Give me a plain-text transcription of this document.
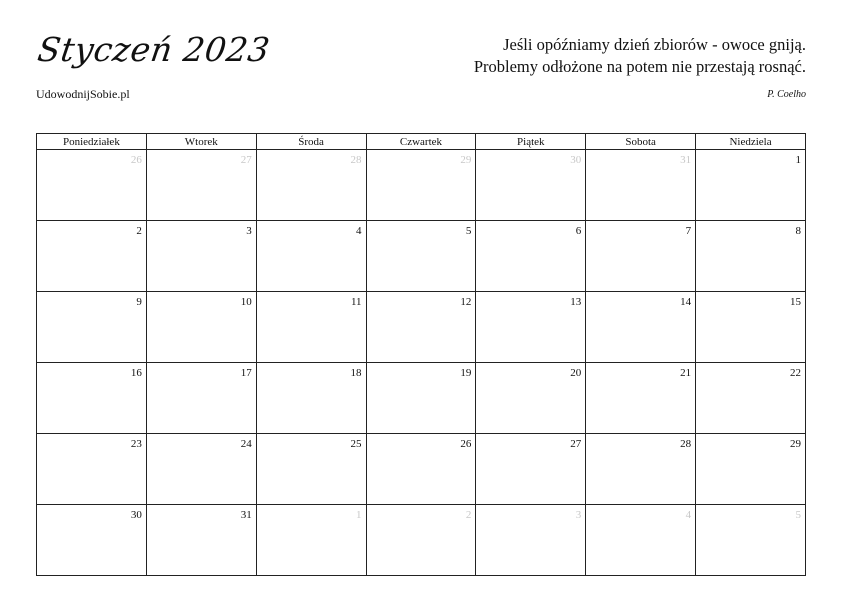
Styczeń 2023
UdowodnijSobie.pl
Jeśli opóźniamy dzień zbiorów - owoce gniją.
Problemy odłożone na potem nie przestają rosnąć.
P. Coelho
Poniedziałek	Wtorek	Środa	Czwartek	Piątek	Sobota	Niedziela
26	27	28	29	30	31	1
2	3	4	5	6	7	8
9	10	11	12	13	14	15
16	17	18	19	20	21	22
23	24	25	26	27	28	29
30	31	1	2	3	4	5
